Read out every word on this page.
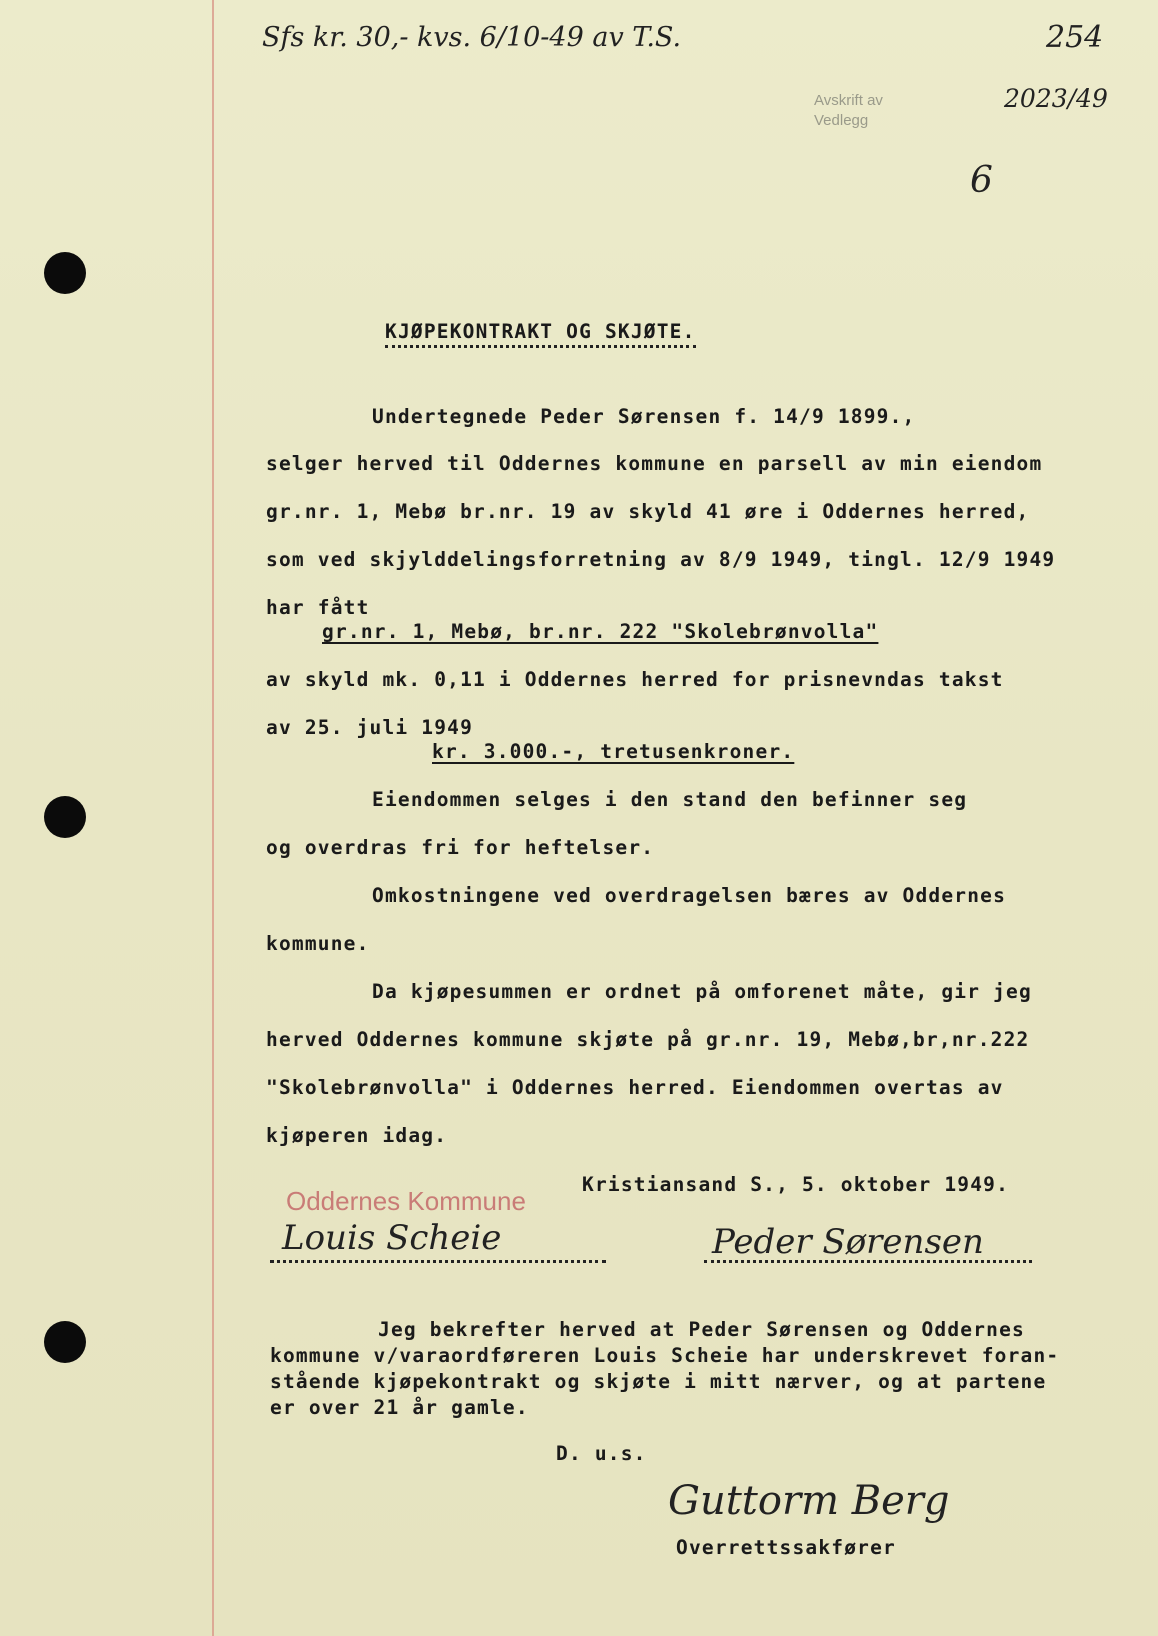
Sfs kr. 30,- kvs. 6/10-49 av T.S.	254
2023/49
Avskrift av
Vedlegg
6
KJØPEKONTRAKT OG SKJØTE.
Undertegnede Peder Sørensen f. 14/9 1899.,
selger herved til Oddernes kommune en parsell av min eiendom
gr.nr. 1, Mebø br.nr. 19 av skyld 41 øre i Oddernes herred,
som ved skjylddelingsforretning av 8/9 1949, tingl. 12/9 1949
har fått
gr.nr. 1, Mebø, br.nr. 222 "Skolebrønvolla"
av skyld mk. 0,11 i Oddernes herred for prisnevndas takst
av 25. juli 1949
kr. 3.000.-, tretusenkroner.
Eiendommen selges i den stand den befinner seg
og overdras fri for heftelser.
Omkostningene ved overdragelsen bæres av Oddernes
kommune.
Da kjøpesummen er ordnet på omforenet måte, gir jeg
herved Oddernes kommune skjøte på gr.nr. 19, Mebø,br,nr.222
"Skolebrønvolla" i Oddernes herred. Eiendommen overtas av
kjøperen idag.
Kristiansand S., 5. oktober 1949.
Oddernes Kommune
Louis Scheie	Peder Sørensen
Jeg bekrefter herved at Peder Sørensen og Oddernes
kommune v/varaordføreren Louis Scheie har underskrevet foran-
stående kjøpekontrakt og skjøte i mitt nærver, og at partene
er over 21 år gamle.
D. u.s.
Guttorm Berg
Overrettssakfører
